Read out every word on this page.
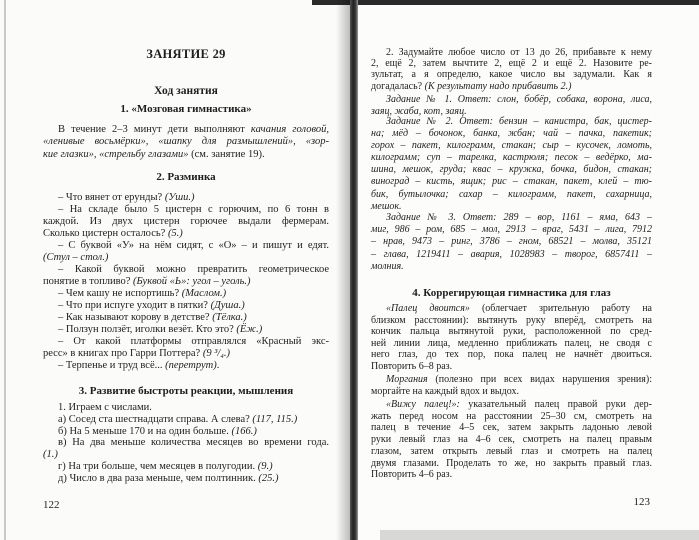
ЗАНЯТИЕ 29
Ход занятия
1. «Мозговая гимнастика»
В течение 2–3 минут дети выполняют качания головой,
«ленивые восьмёрки», «шапку для размышлений», «зор-
кие глазки», «стрельбу глазами» (см. занятие 19).
2. Разминка
– Что вянет от ерунды? (Уши.)
– На складе было 5 цистерн с горючим, по 6 тонн в
каждой. Из двух цистерн горючее выдали фермерам.
Сколько цистерн осталось? (5.)
– С буквой «У» на нём сидят, с «О» – и пишут и едят.
(Стул – стол.)
– Какой буквой можно превратить геометрическое
понятие в топливо? (Буквой «Ь»: угол – уголь.)
– Чем кашу не испортишь? (Маслом.)
– Что при испуге уходит в пятки? (Душа.)
– Как называют корову в детстве? (Тёлка.)
– Ползун ползёт, иголки везёт. Кто это? (Ёж.)
– От какой платформы отправлялся «Красный экс-
ресс» в книгах про Гарри Поттера? (9 ³/₄.)
– Терпенье и труд всё... (перетрут).
3. Развитие быстроты реакции, мышления
1. Играем с числами.
а) Сосед ста шестнадцати справа. А слева? (117, 115.)
б) На 5 меньше 170 и на один больше. (166.)
в) На два меньше количества месяцев во времени года.
(1.)
г) На три больше, чем месяцев в полугодии. (9.)
д) Число в два раза меньше, чем полтинник. (25.)
122
2. Задумайте любое число от 13 до 26, прибавьте к нему
2, ещё 2, затем вычтите 2, ещё 2 и ещё 2. Назовите ре-
зультат, а я определю, какое число вы задумали. Как я
догадалась? (К результату надо прибавить 2.)
Задание № 1. Ответ: слон, бобёр, собака, ворона, лиса,
заяц, жаба, кот, заяц.
Задание № 2. Ответ: бензин – канистра, бак, цистер-
на; мёд – бочонок, банка, жбан; чай – пачка, пакетик;
горох – пакет, килограмм, стакан; сыр – кусочек, ломоть,
килограмм; суп – тарелка, кастрюля; песок – ведёрко, ма-
шина, мешок, груда; квас – кружка, бочка, бидон, стакан;
виноград – кисть, ящик; рис – стакан, пакет, клей – тю-
бик, бутылочка; сахар – килограмм, пакет, сахарница,
мешок.
Задание № 3. Ответ: 289 – вор, 1161 – яма, 643 –
миг, 986 – ром, 685 – мол, 2913 – враг, 5431 – лига, 7912
– нрав, 9473 – ринг, 3786 – гном, 68521 – молва, 35121
– глава, 1219411 – авария, 1028983 – творог, 6857411 –
молния.
4. Коррегирующая гимнастика для глаз
«Палец двоится» (облегчает зрительную работу на
близком расстоянии): вытянуть руку вперёд, смотреть на
кончик пальца вытянутой руки, расположенной по сред-
ней линии лица, медленно приближать палец, не сводя с
него глаз, до тех пор, пока палец не начнёт двоиться.
Повторить 6–8 раз.
Моргания (полезно при всех видах нарушения зрения):
моргайте на каждый вдох и выдох.
«Вижу палец!»: указательный палец правой руки дер-
жать перед носом на расстоянии 25–30 см, смотреть на
палец в течение 4–5 сек, затем закрыть ладонью левой
руки левый глаз на 4–6 сек, смотреть на палец правым
глазом, затем открыть левый глаз и смотреть на палец
двумя глазами. Проделать то же, но закрыть правый глаз.
Повторить 4–6 раз.
123
